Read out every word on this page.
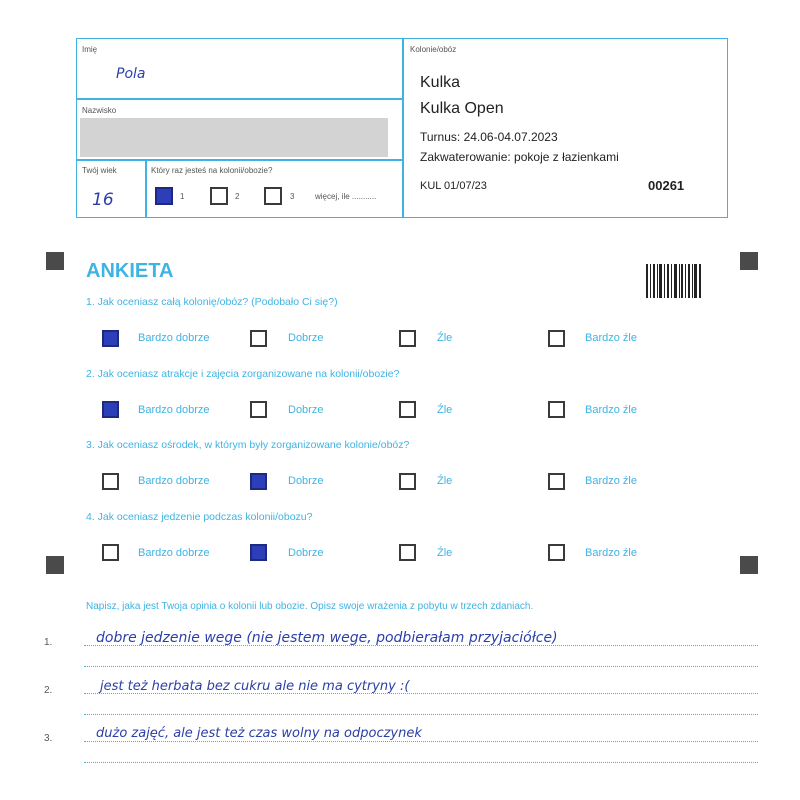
Imię
Pola
Nazwisko
Twój wiek
16
Który raz jesteś na kolonii/obozie?
1	2	3	więcej, ile ...........
Kolonie/obóz
Kulka
Kulka Open
Turnus: 24.06-04.07.2023
Zakwaterowanie: pokoje z łazienkami
KUL 01/07/23	00261
ANKIETA
1. Jak oceniasz całą kolonię/obóz? (Podobało Ci się?)
Bardzo dobrze	Dobrze	Źle	Bardzo źle
2. Jak oceniasz atrakcje i zajęcia zorganizowane na kolonii/obozie?
Bardzo dobrze	Dobrze	Źle	Bardzo źle
3. Jak oceniasz ośrodek, w którym były zorganizowane kolonie/obóz?
Bardzo dobrze	Dobrze	Źle	Bardzo źle
4. Jak oceniasz jedzenie podczas kolonii/obozu?
Bardzo dobrze	Dobrze	Źle	Bardzo źle
Napisz, jaka jest Twoja opinia o kolonii lub obozie. Opisz swoje wrażenia z pobytu w trzech zdaniach.
1.	dobre jedzenie wege (nie jestem wege, podbierałam przyjaciółce)
2.	jest też herbata bez cukru ale nie ma cytryny :(
3.	dużo zajęć, ale jest też czas wolny na odpoczynek
